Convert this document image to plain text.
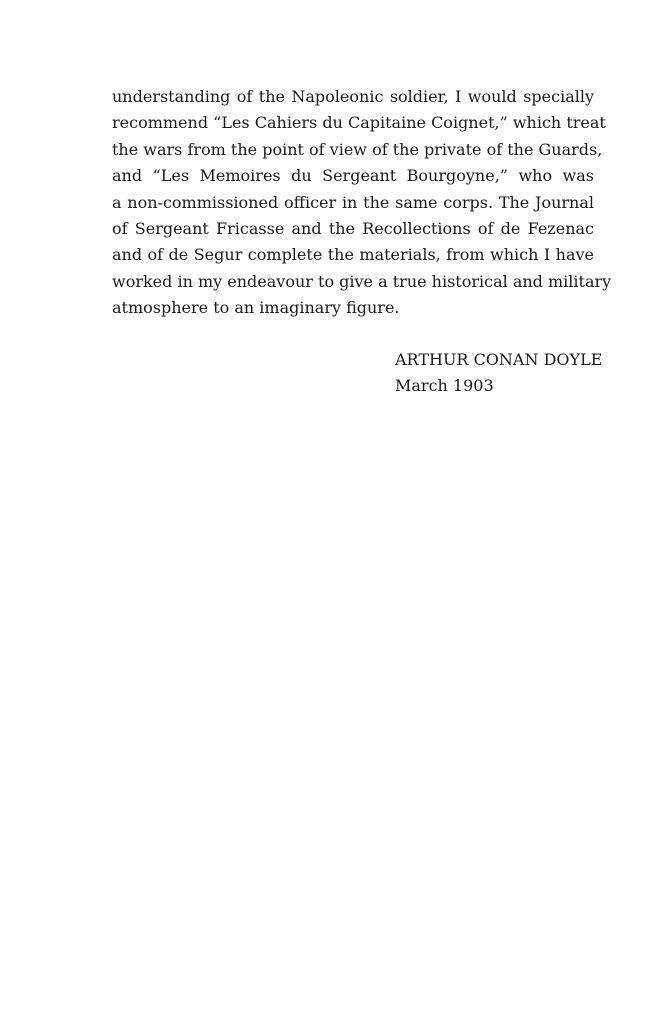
understanding of the Napoleonic soldier, I would specially
recommend “Les Cahiers du Capitaine Coignet,” which treat
the wars from the point of view of the private of the Guards,
and “Les Memoires du Sergeant Bourgoyne,” who was
a non-commissioned officer in the same corps. The Journal
of Sergeant Fricasse and the Recollections of de Fezenac
and of de Segur complete the materials, from which I have
worked in my endeavour to give a true historical and military
atmosphere to an imaginary figure.
ARTHUR CONAN DOYLE
March 1903
